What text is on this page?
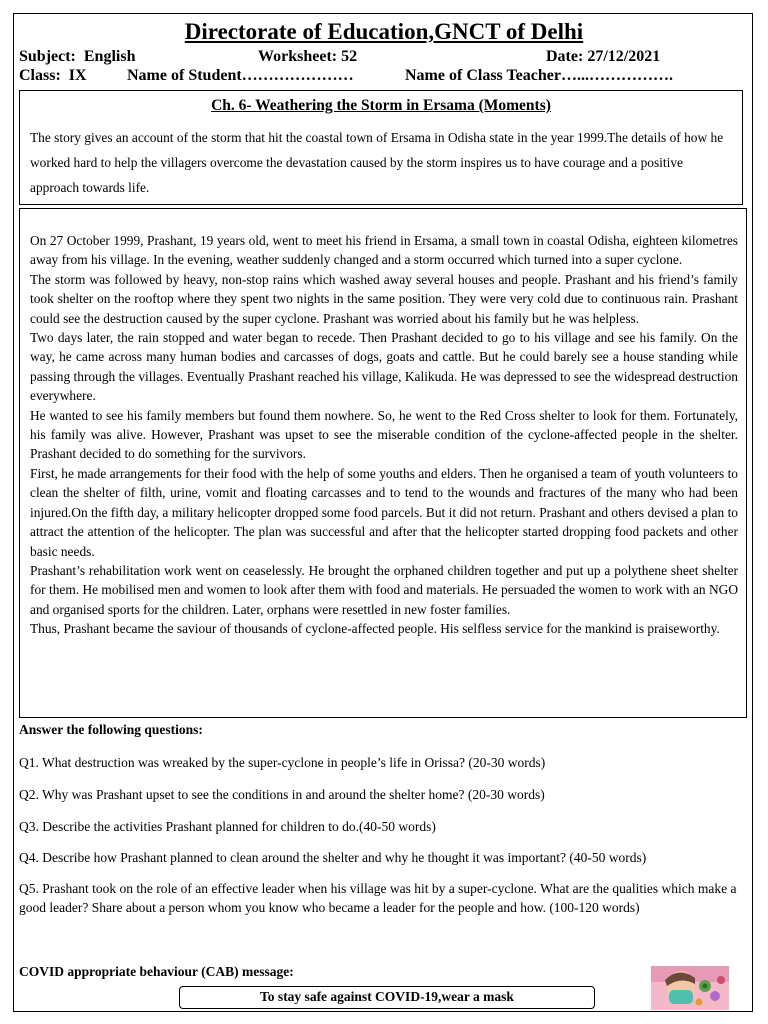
Directorate of Education,GNCT of Delhi
Subject:  English	Worksheet: 52	Date: 27/12/2021
Class:  IX	Name of Student…………………	Name of Class Teacher…...…………….
Ch. 6- Weathering the Storm in Ersama (Moments)
The story gives an account of the storm that hit the coastal town of Ersama in Odisha state in the year 1999.The details of how he worked hard to help the villagers overcome the devastation caused by the storm inspires us to have courage and a positive approach towards life.

On 27 October 1999, Prashant, 19 years old, went to meet his friend in Ersama, a small town in coastal Odisha, eighteen kilometres away from his village. In the evening, weather suddenly changed and a storm occurred which turned into a super cyclone.

The storm was followed by heavy, non-stop rains which washed away several houses and people. Prashant and his friend’s family took shelter on the rooftop where they spent two nights in the same position. They were very cold due to continuous rain. Prashant could see the destruction caused by the super cyclone. Prashant was worried about his family but he was helpless.

Two days later, the rain stopped and water began to recede. Then Prashant decided to go to his village and see his family. On the way, he came across many human bodies and carcasses of dogs, goats and cattle. But he could barely see a house standing while passing through the villages. Eventually Prashant reached his village, Kalikuda. He was depressed to see the widespread destruction everywhere.

He wanted to see his family members but found them nowhere. So, he went to the Red Cross shelter to look for them. Fortunately, his family was alive. However, Prashant was upset to see the miserable condition of the cyclone-affected people in the shelter. Prashant decided to do something for the survivors.

First, he made arrangements for their food with the help of some youths and elders. Then he organised a team of youth volunteers to clean the shelter of filth, urine, vomit and floating carcasses and to tend to the wounds and fractures of the many who had been injured.On the fifth day, a military helicopter dropped some food parcels. But it did not return. Prashant and others devised a plan to attract the attention of the helicopter. The plan was successful and after that the helicopter started dropping food packets and other basic needs.

Prashant’s rehabilitation work went on ceaselessly. He brought the orphaned children together and put up a polythene sheet shelter for them. He mobilised men and women to look after them with food and materials. He persuaded the women to work with an NGO and organised sports for the children. Later, orphans were resettled in new foster families.

Thus, Prashant became the saviour of thousands of cyclone-affected people. His selfless service for the mankind is praiseworthy.

Answer the following questions:
Q1. What destruction was wreaked by the super-cyclone in people’s life in Orissa? (20-30 words)
Q2. Why was Prashant upset to see the conditions in and around the shelter home? (20-30 words)
Q3. Describe the activities Prashant planned for children to do.(40-50 words)
Q4. Describe how Prashant planned to clean around the shelter and why he thought it was important? (40-50 words)
Q5. Prashant took on the role of an effective leader when his village was hit by a super-cyclone. What are the qualities which make a good leader? Share about a person whom you know who became a leader for the people and how. (100-120 words)
COVID appropriate behaviour (CAB) message:
To stay safe against COVID-19,wear a mask
